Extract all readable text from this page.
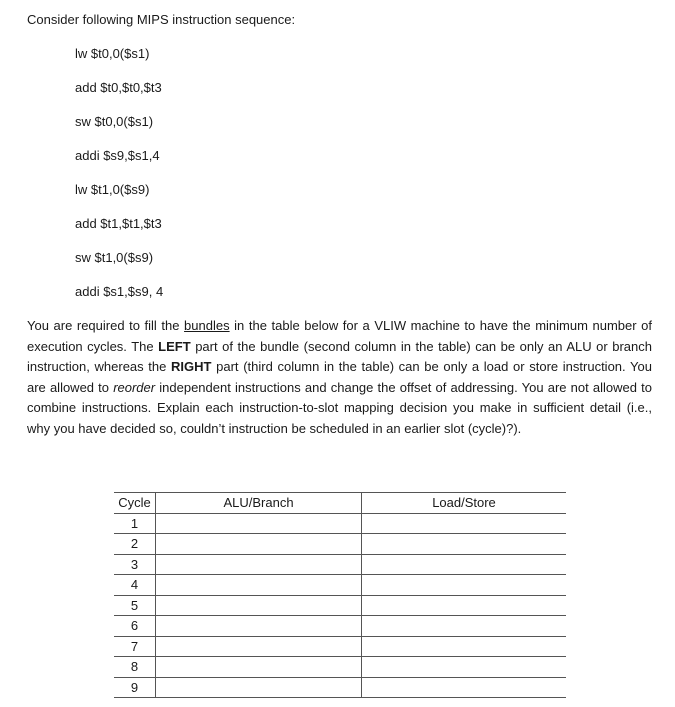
Consider following MIPS instruction sequence:
lw $t0,0($s1)
add $t0,$t0,$t3
sw $t0,0($s1)
addi $s9,$s1,4
lw $t1,0($s9)
add $t1,$t1,$t3
sw $t1,0($s9)
addi $s1,$s9, 4
You are required to fill the bundles in the table below for a VLIW machine to have the minimum number of execution cycles. The LEFT part of the bundle (second column in the table) can be only an ALU or branch instruction, whereas the RIGHT part (third column in the table) can be only a load or store instruction. You are allowed to reorder independent instructions and change the offset of addressing. You are not allowed to combine instructions. Explain each instruction-to-slot mapping decision you make in sufficient detail (i.e., why you have decided so, couldn’t instruction be scheduled in an earlier slot (cycle)?).
Cycle	ALU/Branch	Load/Store
1		
2		
3		
4		
5		
6		
7		
8		
9		
